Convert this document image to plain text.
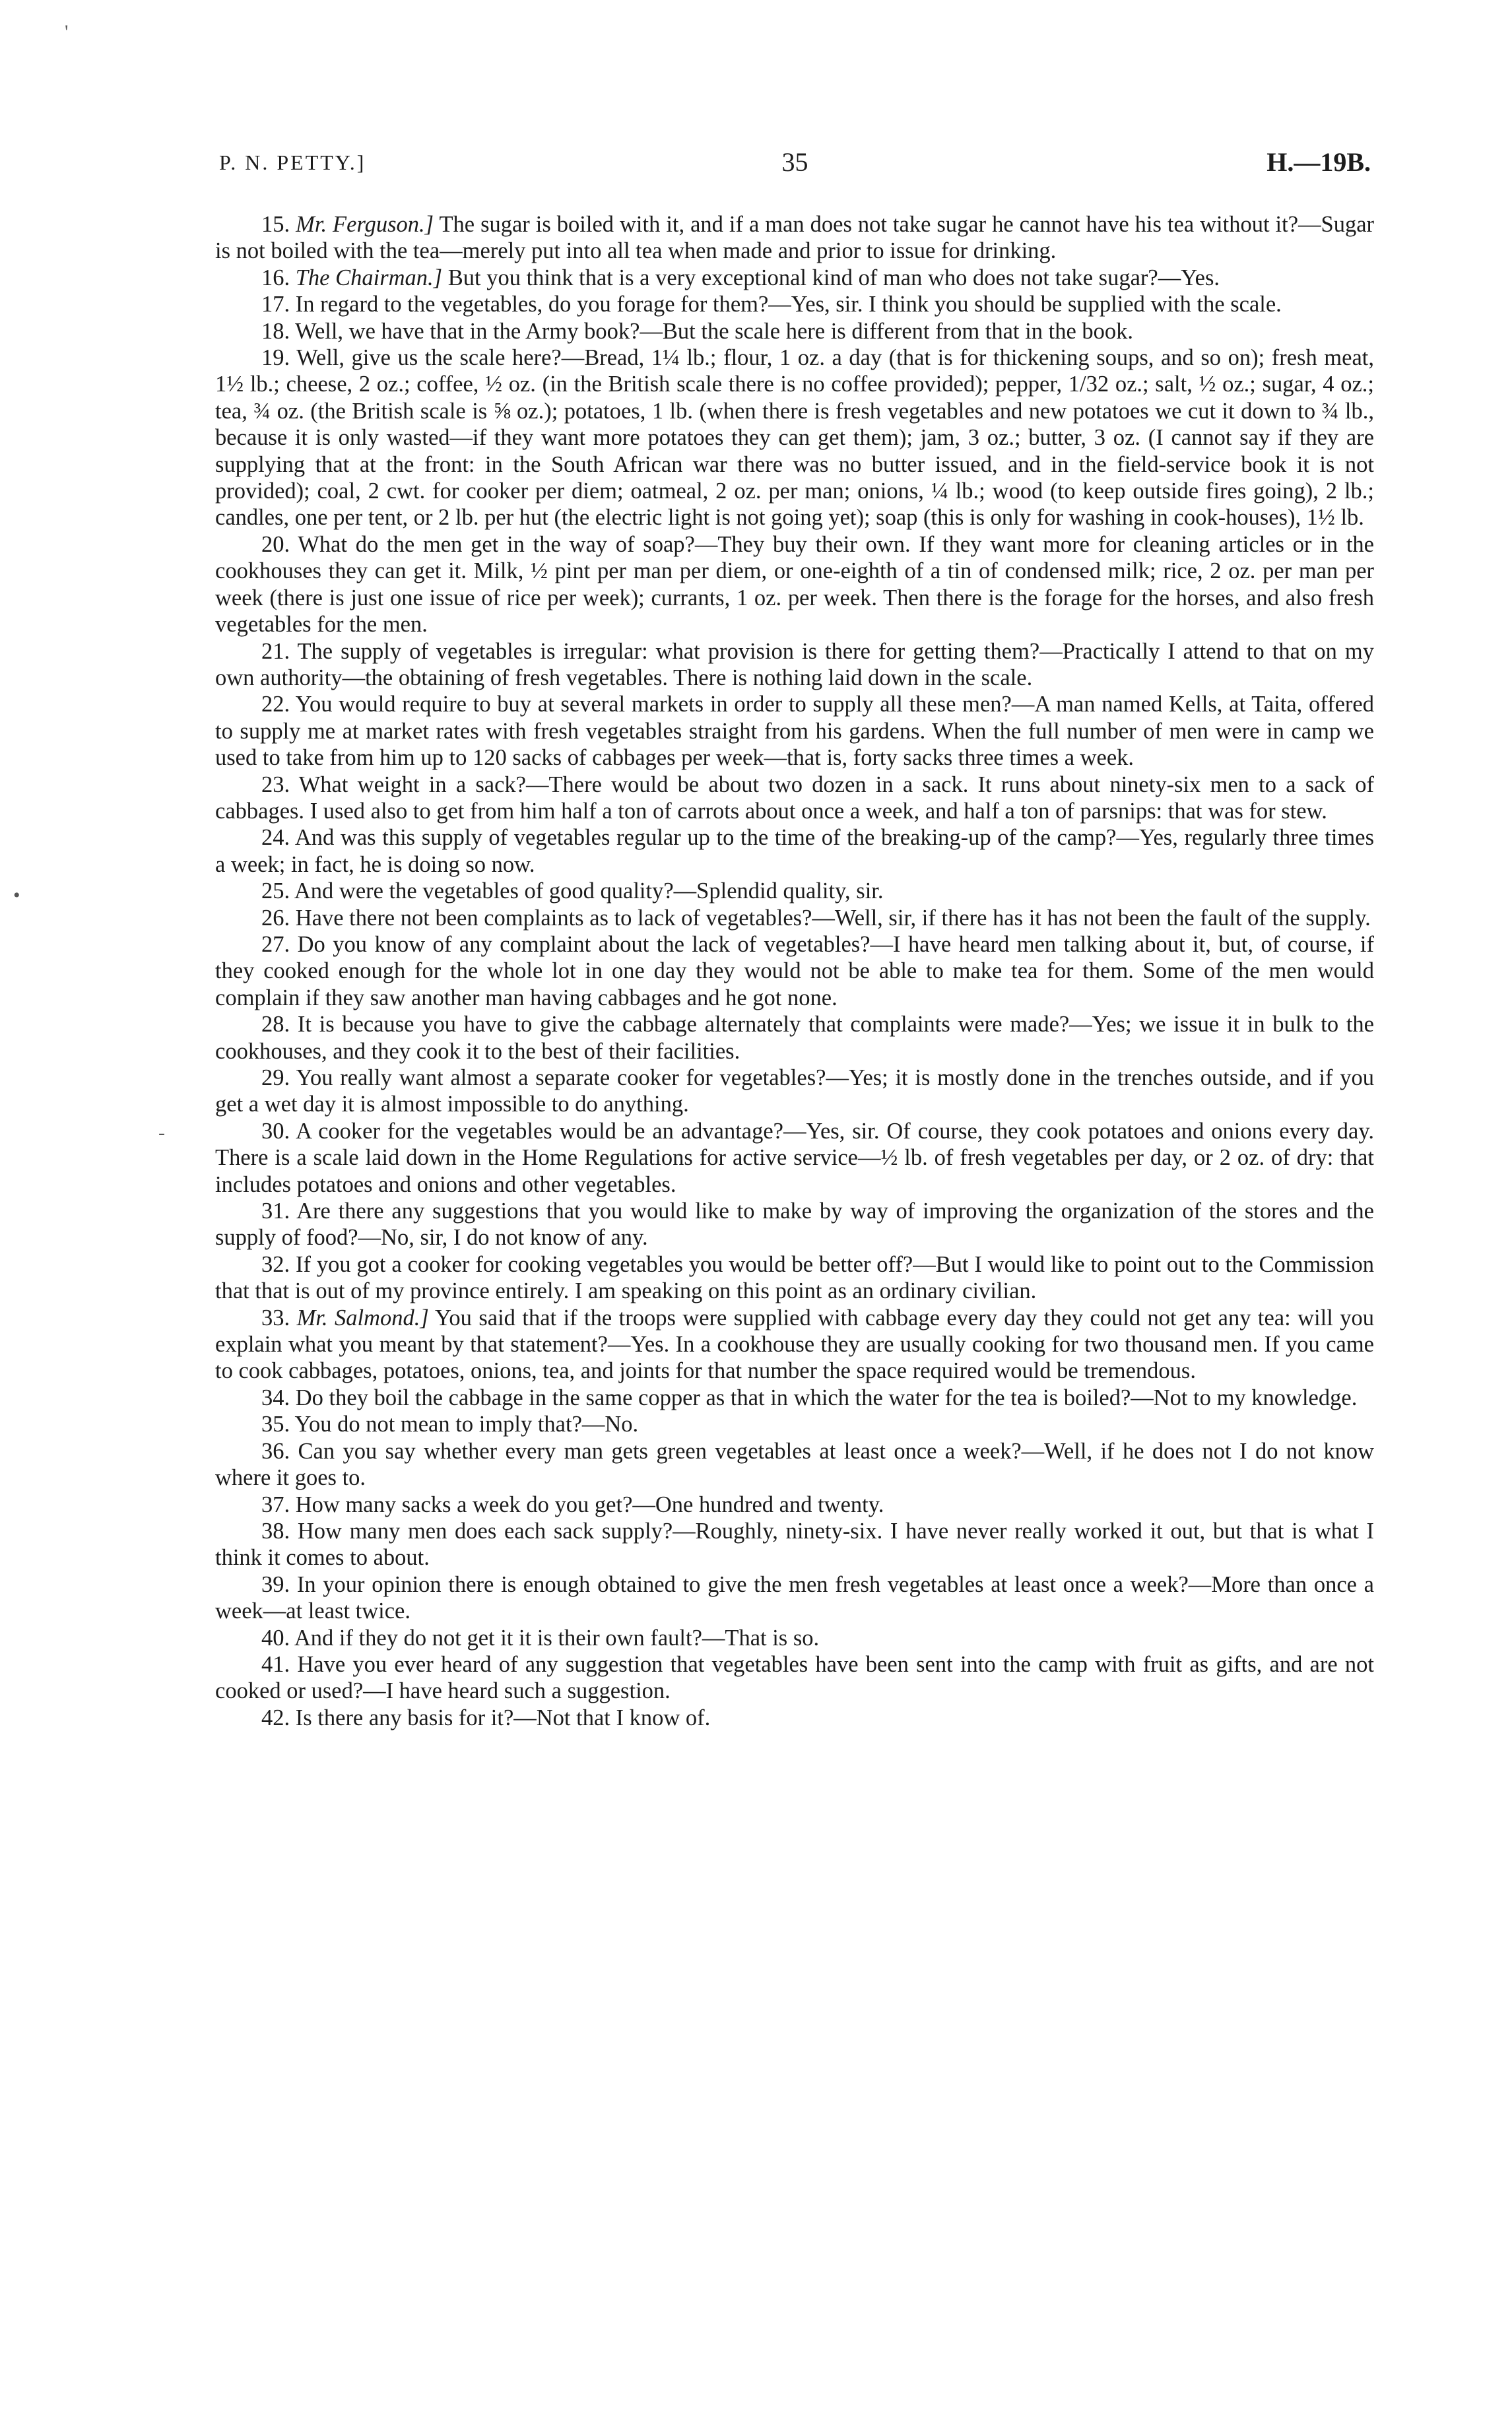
P. N. PETTY.]	35	H.—19B.
'
•
-

15. Mr. Ferguson.] The sugar is boiled with it, and if a man does not take sugar he cannot have his tea without it?—Sugar is not boiled with the tea—merely put into all tea when made and prior to issue for drinking.

16. The Chairman.] But you think that is a very exceptional kind of man who does not take sugar?—Yes.

17. In regard to the vegetables, do you forage for them?—Yes, sir. I think you should be supplied with the scale.

18. Well, we have that in the Army book?—But the scale here is different from that in the book.

19. Well, give us the scale here?—Bread, 1¼ lb.; flour, 1 oz. a day (that is for thickening soups, and so on); fresh meat, 1½ lb.; cheese, 2 oz.; coffee, ½ oz. (in the British scale there is no coffee provided); pepper, 1/32 oz.; salt, ½ oz.; sugar, 4 oz.; tea, ¾ oz. (the British scale is ⅝ oz.); potatoes, 1 lb. (when there is fresh vegetables and new potatoes we cut it down to ¾ lb., because it is only wasted—if they want more potatoes they can get them); jam, 3 oz.; butter, 3 oz. (I cannot say if they are supplying that at the front: in the South African war there was no butter issued, and in the field-service book it is not provided); coal, 2 cwt. for cooker per diem; oatmeal, 2 oz. per man; onions, ¼ lb.; wood (to keep outside fires going), 2 lb.; candles, one per tent, or 2 lb. per hut (the electric light is not going yet); soap (this is only for washing in cook-houses), 1½ lb.

20. What do the men get in the way of soap?—They buy their own. If they want more for cleaning articles or in the cookhouses they can get it. Milk, ½ pint per man per diem, or one-eighth of a tin of condensed milk; rice, 2 oz. per man per week (there is just one issue of rice per week); currants, 1 oz. per week. Then there is the forage for the horses, and also fresh vegetables for the men.

21. The supply of vegetables is irregular: what provision is there for getting them?—Practically I attend to that on my own authority—the obtaining of fresh vegetables. There is nothing laid down in the scale.

22. You would require to buy at several markets in order to supply all these men?—A man named Kells, at Taita, offered to supply me at market rates with fresh vegetables straight from his gardens. When the full number of men were in camp we used to take from him up to 120 sacks of cabbages per week—that is, forty sacks three times a week.

23. What weight in a sack?—There would be about two dozen in a sack. It runs about ninety-six men to a sack of cabbages. I used also to get from him half a ton of carrots about once a week, and half a ton of parsnips: that was for stew.

24. And was this supply of vegetables regular up to the time of the breaking-up of the camp?—Yes, regularly three times a week; in fact, he is doing so now.

25. And were the vegetables of good quality?—Splendid quality, sir.

26. Have there not been complaints as to lack of vegetables?—Well, sir, if there has it has not been the fault of the supply.

27. Do you know of any complaint about the lack of vegetables?—I have heard men talking about it, but, of course, if they cooked enough for the whole lot in one day they would not be able to make tea for them. Some of the men would complain if they saw another man having cabbages and he got none.

28. It is because you have to give the cabbage alternately that complaints were made?—Yes; we issue it in bulk to the cookhouses, and they cook it to the best of their facilities.

29. You really want almost a separate cooker for vegetables?—Yes; it is mostly done in the trenches outside, and if you get a wet day it is almost impossible to do anything.

30. A cooker for the vegetables would be an advantage?—Yes, sir. Of course, they cook potatoes and onions every day. There is a scale laid down in the Home Regulations for active service—½ lb. of fresh vegetables per day, or 2 oz. of dry: that includes potatoes and onions and other vegetables.

31. Are there any suggestions that you would like to make by way of improving the organization of the stores and the supply of food?—No, sir, I do not know of any.

32. If you got a cooker for cooking vegetables you would be better off?—But I would like to point out to the Commission that that is out of my province entirely. I am speaking on this point as an ordinary civilian.

33. Mr. Salmond.] You said that if the troops were supplied with cabbage every day they could not get any tea: will you explain what you meant by that statement?—Yes. In a cookhouse they are usually cooking for two thousand men. If you came to cook cabbages, potatoes, onions, tea, and joints for that number the space required would be tremendous.

34. Do they boil the cabbage in the same copper as that in which the water for the tea is boiled?—Not to my knowledge.

35. You do not mean to imply that?—No.

36. Can you say whether every man gets green vegetables at least once a week?—Well, if he does not I do not know where it goes to.

37. How many sacks a week do you get?—One hundred and twenty.

38. How many men does each sack supply?—Roughly, ninety-six. I have never really worked it out, but that is what I think it comes to about.

39. In your opinion there is enough obtained to give the men fresh vegetables at least once a week?—More than once a week—at least twice.

40. And if they do not get it it is their own fault?—That is so.

41. Have you ever heard of any suggestion that vegetables have been sent into the camp with fruit as gifts, and are not cooked or used?—I have heard such a suggestion.

42. Is there any basis for it?—Not that I know of.
